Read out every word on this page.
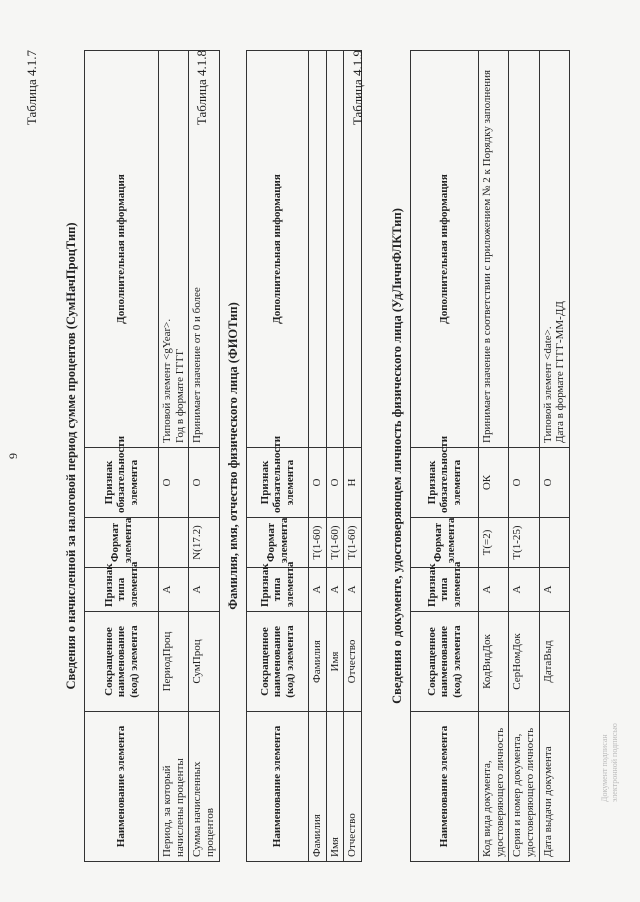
9
Таблица 4.1.7
Сведения о начисленной за налоговой период сумме процентов (СумНачПроцТип)
Наименование элемента	Сокращенное наименование (код) элемента	Признак типа элемента	Формат элемента	Признак обязательности элемента	Дополнительная информация
Период, за который начислены проценты	ПериодПроц	А		О	Типовой элемент <gYear>.
Год в формате ГГГГ
Сумма начисленных процентов	СумПроц	А	N(17.2)	О	Принимает значение от 0 и более
Таблица 4.1.8
Фамилия, имя, отчество физического лица (ФИОТип)
Наименование элемента	Сокращенное наименование (код) элемента	Признак типа элемента	Формат элемента	Признак обязательности элемента	Дополнительная информация
Фамилия	Фамилия	А	T(1-60)	О	
Имя	Имя	А	T(1-60)	О	
Отчество	Отчество	А	T(1-60)	Н	
Таблица 4.1.9
Сведения о документе, удостоверяющем личность физического лица (УдЛичнФЛКТип)
Наименование элемента	Сокращенное наименование (код) элемента	Признак типа элемента	Формат элемента	Признак обязательности элемента	Дополнительная информация
Код вида документа, удостоверяющего личность	КодВидДок	А	T(=2)	ОК	Принимает значение в соответствии с приложением № 2 к Порядку заполнения
Серия и номер документа, удостоверяющего личность	СерНомДок	А	T(1-25)	О	
Дата выдачи документа	ДатаВыд	А		О	Типовой элемент <date>.
Дата в формате ГГГГ-ММ-ДД
Документ подписан
электронной подписью
